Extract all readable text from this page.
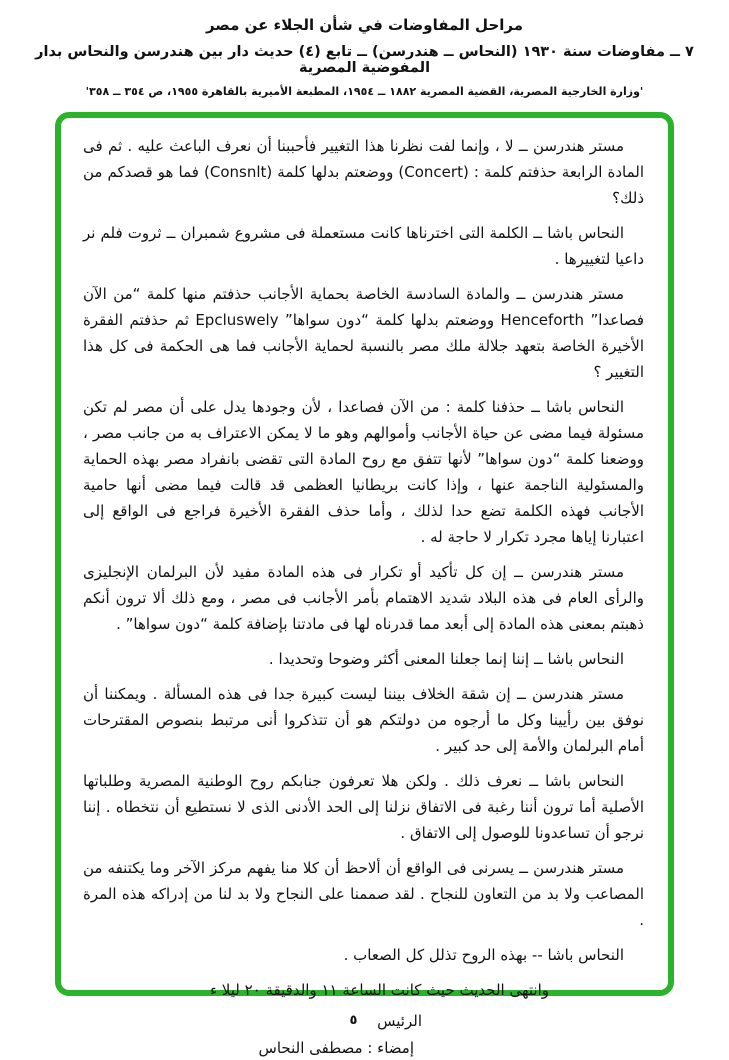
مراحل المفاوضات في شأن الجلاء عن مصر

٧ ــ مفاوضات سنة ١٩٣٠ (النحاس ــ هندرسن) ــ تابع (٤) حديث دار بين هندرسن والنحاس بدار المفوضية المصرية

'وزارة الخارجية المصرية، القضية المصرية ١٨٨٢ ــ ١٩٥٤، المطبعة الأميرية بالقاهرة ١٩٥٥، ص ٣٥٤ ــ ٣٥٨'

مستر هندرسن ــ لا ، وإنما لفت نظرنا هذا التغيير فأحببنا أن نعرف الباعث عليه . ثم فى المادة الرابعة حذفتم كلمة : (Concert) ووضعتم بدلها كلمة (Consnlt) فما هو قصدكم من ذلك؟

النحاس باشا ــ الكلمة التى اخترناها كانت مستعملة فى مشروع شمبران ــ ثروت فلم نر داعيا لتغييرها .

مستر هندرسن ــ والمادة السادسة الخاصة بحماية الأجانب حذفتم منها كلمة “من الآن فصاعدا” Henceforth ووضعتم بدلها كلمة “دون سواها” Epcluswely ثم حذفتم الفقرة الأخيرة الخاصة بتعهد جلالة ملك مصر بالنسبة لحماية الأجانب فما هى الحكمة فى كل هذا التغيير ؟

النحاس باشا ــ حذفنا كلمة : من الآن فصاعدا ، لأن وجودها يدل على أن مصر لم تكن مسئولة فيما مضى عن حياة الأجانب وأموالهم وهو ما لا يمكن الاعتراف به من جانب مصر ، ووضعنا كلمة “دون سواها” لأنها تتفق مع روح المادة التى تقضى بانفراد مصر بهذه الحماية والمسئولية الناجمة عنها ، وإذا كانت بريطانيا العظمى قد قالت فيما مضى أنها حامية الأجانب فهذه الكلمة تضع حدا لذلك ، وأما حذف الفقرة الأخيرة فراجع فى الواقع إلى اعتبارنا إياها مجرد تكرار لا حاجة له .

مستر هندرسن ــ إن كل تأكيد أو تكرار فى هذه المادة مفيد لأن البرلمان الإنجليزى والرأى العام فى هذه البلاد شديد الاهتمام بأمر الأجانب فى مصر ، ومع ذلك ألا ترون أنكم ذهبتم بمعنى هذه المادة إلى أبعد مما قدرناه لها فى مادتنا بإضافة كلمة “دون سواها” .

النحاس باشا ــ إننا إنما جعلنا المعنى أكثر وضوحا وتحديدا .

مستر هندرسن ــ إن شقة الخلاف بيننا ليست كبيرة جدا فى هذه المسألة . ويمكننا أن نوفق بين رأيينا وكل ما أرجوه من دولتكم هو أن تتذكروا أنى مرتبط بنصوص المقترحات أمام البرلمان والأمة إلى حد كبير .

النحاس باشا ــ نعرف ذلك . ولكن هلا تعرفون جنابكم روح الوطنية المصرية وطلباتها الأصلية أما ترون أننا رغبة فى الاتفاق نزلنا إلى الحد الأدنى الذى لا نستطيع أن نتخطاه . إننا نرجو أن تساعدونا للوصول إلى الاتفاق .

مستر هندرسن ــ يسرنى فى الواقع أن ألاحظ أن كلا منا يفهم مركز الآخر وما يكتنفه من المصاعب ولا بد من التعاون للنجاح . لقد صممنا على النجاح ولا بد لنا من إدراكه هذه المرة .

النحاس باشا -- بهذه الروح تذلل كل الصعاب .

وانتهى الحديث حيث كانت الساعة ١١ والدقيقة ٢٠ ليلا ء

الرئيس

إمضاء : مصطفى النحاس

٥
